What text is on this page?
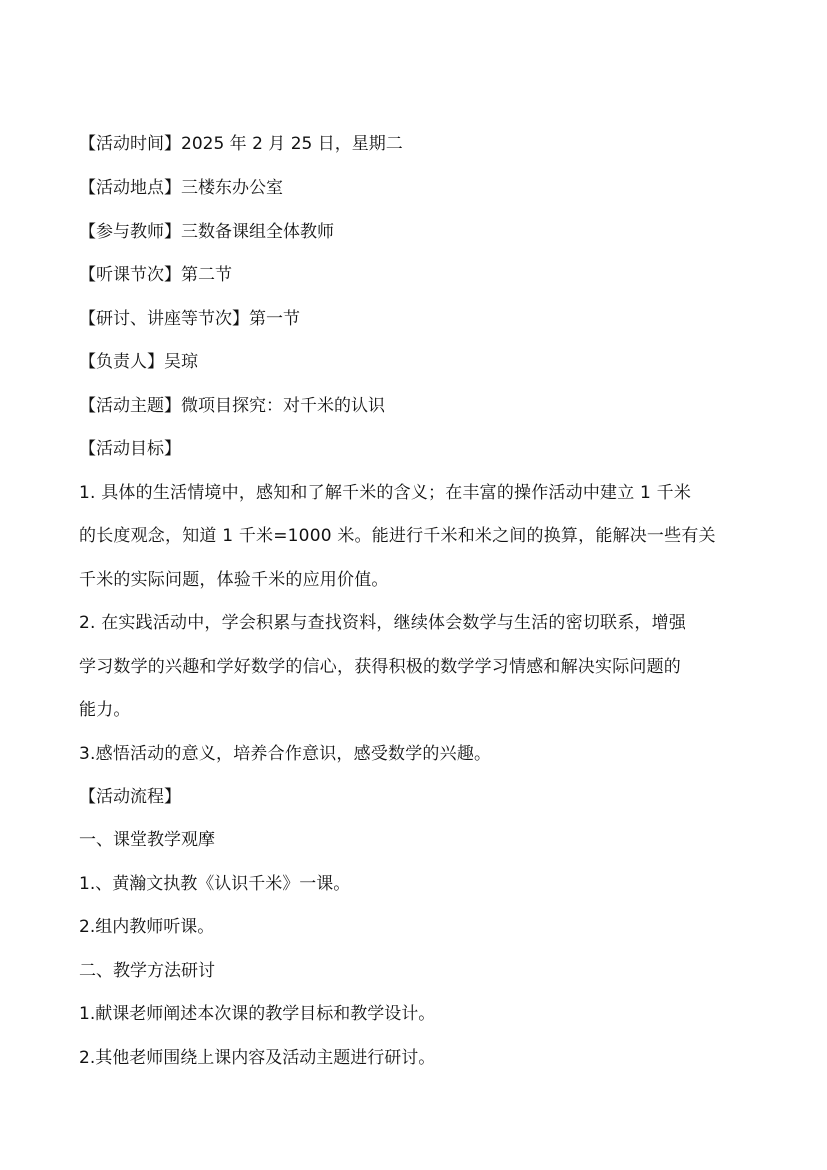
【活动时间】2025 年 2 月 25 日，星期二
【活动地点】三楼东办公室
【参与教师】三数备课组全体教师
【听课节次】第二节
【研讨、讲座等节次】第一节
【负责人】吴琼
【活动主题】微项目探究：对千米的认识
【活动目标】
1. 具体的生活情境中，感知和了解千米的含义；在丰富的操作活动中建立 1 千米
的长度观念，知道 1 千米=1000 米。能进行千米和米之间的换算，能解决一些有关
千米的实际问题，体验千米的应用价值。
2. 在实践活动中，学会积累与查找资料，继续体会数学与生活的密切联系，增强
学习数学的兴趣和学好数学的信心，获得积极的数学学习情感和解决实际问题的
能力。
3.感悟活动的意义，培养合作意识，感受数学的兴趣。
【活动流程】
一、课堂教学观摩
1.、黄瀚文执教《认识千米》一课。
2.组内教师听课。
二、教学方法研讨
1.献课老师阐述本次课的教学目标和教学设计。
2.其他老师围绕上课内容及活动主题进行研讨。
